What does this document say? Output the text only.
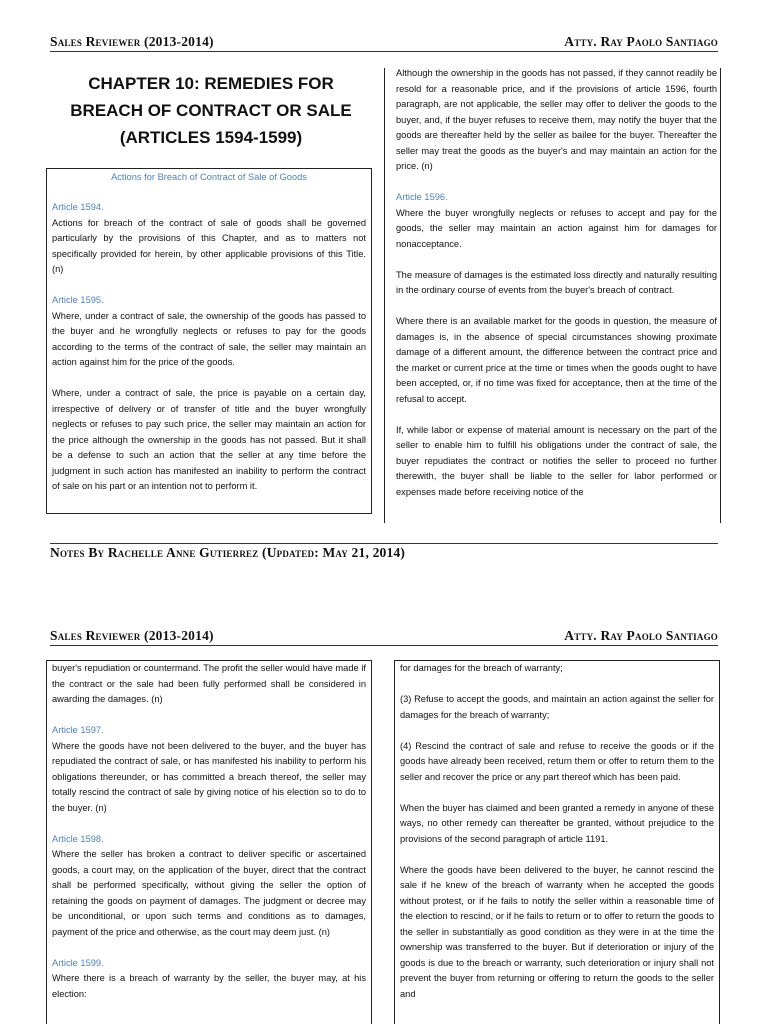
Sales Reviewer (2013-2014)	Atty. Ray Paolo Santiago
CHAPTER 10: REMEDIES FOR BREACH OF CONTRACT OR SALE (ARTICLES 1594-1599)

Actions for Breach of Contract of Sale of Goods

Article 1594.

Actions for breach of the contract of sale of goods shall be governed particularly by the provisions of this Chapter, and as to matters not specifically provided for herein, by other applicable provisions of this Title. (n)

Article 1595.

Where, under a contract of sale, the ownership of the goods has passed to the buyer and he wrongfully neglects or refuses to pay for the goods according to the terms of the contract of sale, the seller may maintain an action against him for the price of the goods.

Where, under a contract of sale, the price is payable on a certain day, irrespective of delivery or of transfer of title and the buyer wrongfully neglects or refuses to pay such price, the seller may maintain an action for the price although the ownership in the goods has not passed. But it shall be a defense to such an action that the seller at any time before the judgment in such action has manifested an inability to perform the contract of sale on his part or an intention not to perform it.

Although the ownership in the goods has not passed, if they cannot readily be resold for a reasonable price, and if the provisions of article 1596, fourth paragraph, are not applicable, the seller may offer to deliver the goods to the buyer, and, if the buyer refuses to receive them, may notify the buyer that the goods are thereafter held by the seller as bailee for the buyer. Thereafter the seller may treat the goods as the buyer's and may maintain an action for the price. (n)

Article 1596.

Where the buyer wrongfully neglects or refuses to accept and pay for the goods, the seller may maintain an action against him for damages for nonacceptance.

The measure of damages is the estimated loss directly and naturally resulting in the ordinary course of events from the buyer's breach of contract.

Where there is an available market for the goods in question, the measure of damages is, in the absence of special circumstances showing proximate damage of a different amount, the difference between the contract price and the market or current price at the time or times when the goods ought to have been accepted, or, if no time was fixed for acceptance, then at the time of the refusal to accept.

If, while labor or expense of material amount is necessary on the part of the seller to enable him to fulfill his obligations under the contract of sale, the buyer repudiates the contract or notifies the seller to proceed no further therewith, the buyer shall be liable to the seller for labor performed or expenses made before receiving notice of the

Notes By Rachelle Anne Gutierrez (Updated: May 21, 2014)
Sales Reviewer (2013-2014)	Atty. Ray Paolo Santiago

buyer's repudiation or countermand. The profit the seller would have made if the contract or the sale had been fully performed shall be considered in awarding the damages. (n)

Article 1597.

Where the goods have not been delivered to the buyer, and the buyer has repudiated the contract of sale, or has manifested his inability to perform his obligations thereunder, or has committed a breach thereof, the seller may totally rescind the contract of sale by giving notice of his election so to do to the buyer. (n)

Article 1598.

Where the seller has broken a contract to deliver specific or ascertained goods, a court may, on the application of the buyer, direct that the contract shall be performed specifically, without giving the seller the option of retaining the goods on payment of damages. The judgment or decree may be unconditional, or upon such terms and conditions as to damages, payment of the price and otherwise, as the court may deem just. (n)

Article 1599.

Where there is a breach of warranty by the seller, the buyer may, at his election:

for damages for the breach of warranty;

(3) Refuse to accept the goods, and maintain an action against the seller for damages for the breach of warranty;

(4) Rescind the contract of sale and refuse to receive the goods or if the goods have already been received, return them or offer to return them to the seller and recover the price or any part thereof which has been paid.

When the buyer has claimed and been granted a remedy in anyone of these ways, no other remedy can thereafter be granted, without prejudice to the provisions of the second paragraph of article 1191.

Where the goods have been delivered to the buyer, he cannot rescind the sale if he knew of the breach of warranty when he accepted the goods without protest, or if he fails to notify the seller within a reasonable time of the election to rescind, or if he fails to return or to offer to return the goods to the seller in substantially as good condition as they were in at the time the ownership was transferred to the buyer. But if deterioration or injury of the goods is due to the breach or warranty, such deterioration or injury shall not prevent the buyer from returning or offering to return the goods to the seller and
